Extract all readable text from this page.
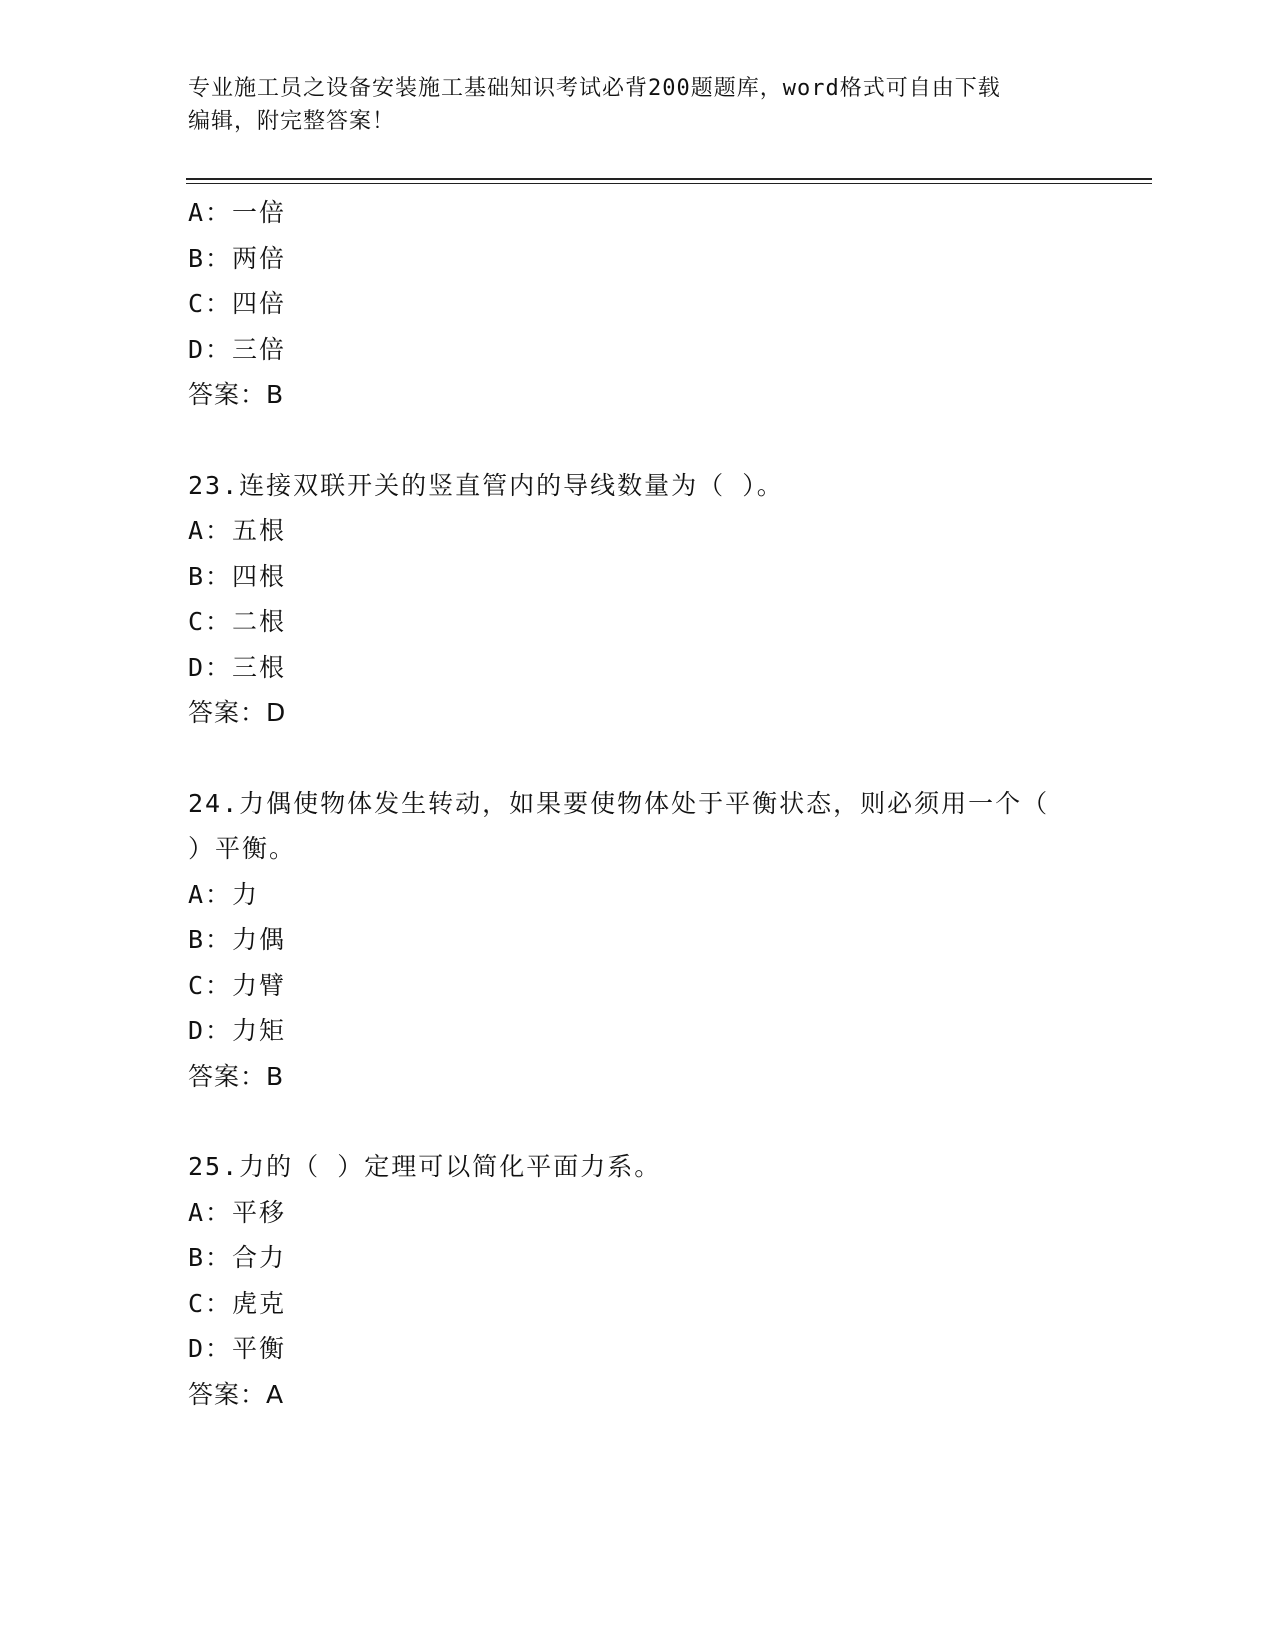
专业施工员之设备安装施工基础知识考试必背200题题库，word格式可自由下载
编辑，附完整答案！
A：一倍
B：两倍
C：四倍
D：三倍
答案：B
23.连接双联开关的竖直管内的导线数量为（ ）。
A：五根
B：四根
C：二根
D：三根
答案：D
24.力偶使物体发生转动，如果要使物体处于平衡状态，则必须用一个（ ）平衡。
A：力
B：力偶
C：力臂
D：力矩
答案：B
25.力的（ ）定理可以简化平面力系。
A：平移
B：合力
C：虎克
D：平衡
答案：A
